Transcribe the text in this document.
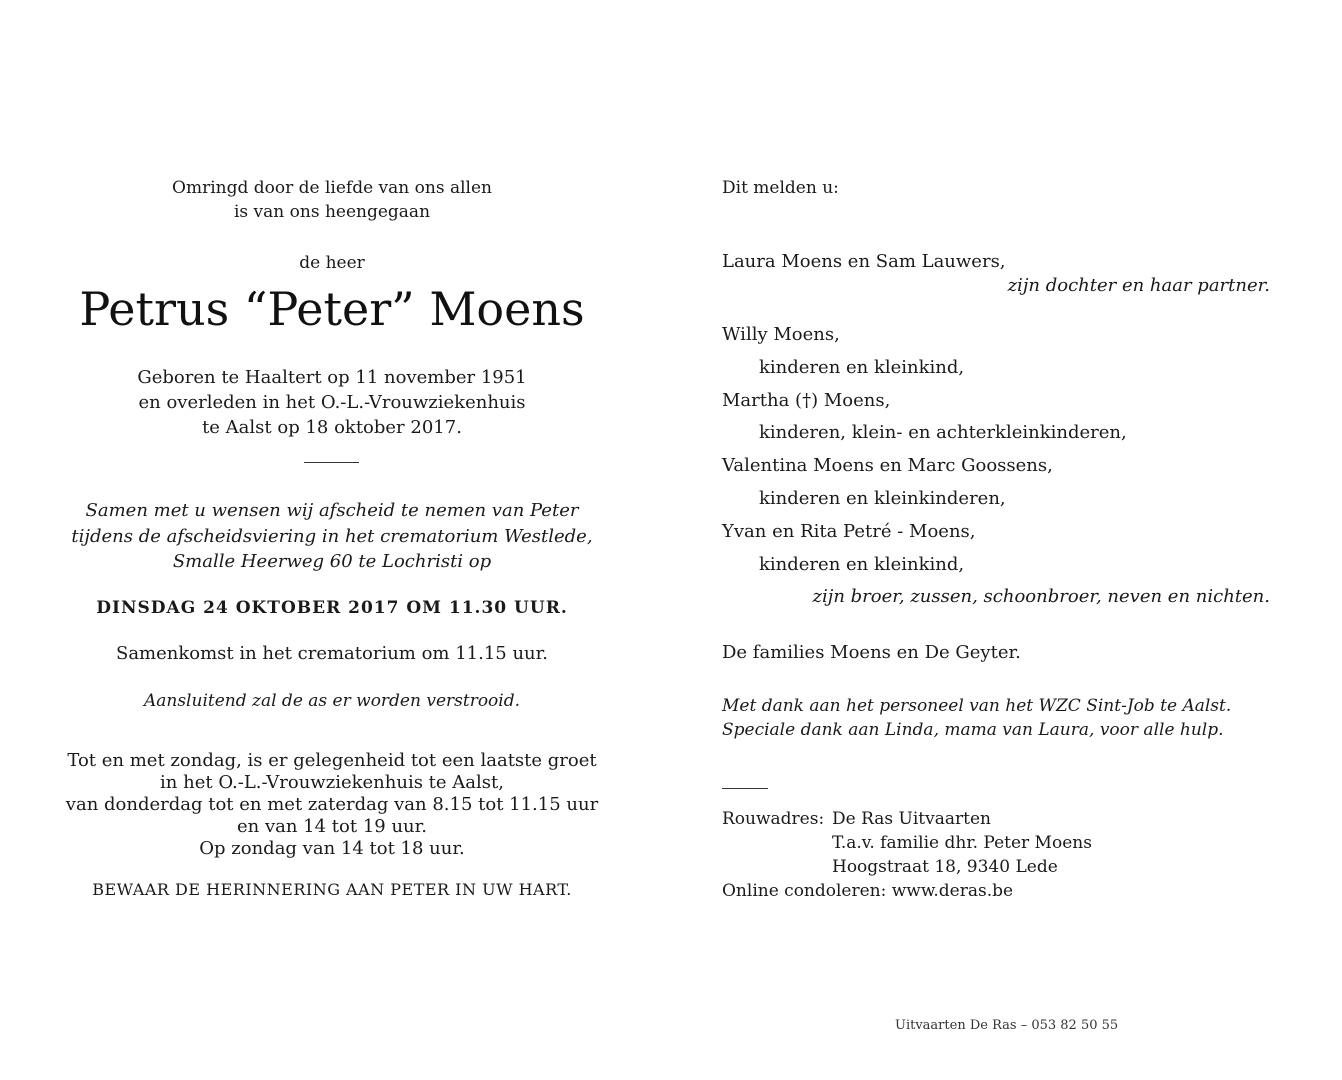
Omringd door de liefde van ons allen
is van ons heengegaan
de heer
Petrus “Peter” Moens
Geboren te Haaltert op 11 november 1951
en overleden in het O.-L.-Vrouwziekenhuis
te Aalst op 18 oktober 2017.
Samen met u wensen wij afscheid te nemen van Peter
tijdens de afscheidsviering in het crematorium Westlede,
Smalle Heerweg 60 te Lochristi op
DINSDAG 24 OKTOBER 2017 OM 11.30 UUR.
Samenkomst in het crematorium om 11.15 uur.
Aansluitend zal de as er worden verstrooid.
Tot en met zondag, is er gelegenheid tot een laatste groet
in het O.-L.-Vrouwziekenhuis te Aalst,
van donderdag tot en met zaterdag van 8.15 tot 11.15 uur
en van 14 tot 19 uur.
Op zondag van 14 tot 18 uur.
BEWAAR DE HERINNERING AAN PETER IN UW HART.
Dit melden u:
Laura Moens en Sam Lauwers,
zijn dochter en haar partner.
Willy Moens,
kinderen en kleinkind,
Martha (†) Moens,
kinderen, klein- en achterkleinkinderen,
Valentina Moens en Marc Goossens,
kinderen en kleinkinderen,
Yvan en Rita Petré - Moens,
kinderen en kleinkind,
zijn broer, zussen, schoonbroer, neven en nichten.
De families Moens en De Geyter.
Met dank aan het personeel van het WZC Sint-Job te Aalst.
Speciale dank aan Linda, mama van Laura, voor alle hulp.
Rouwadres: De Ras Uitvaarten
T.a.v. familie dhr. Peter Moens
Hoogstraat 18, 9340 Lede
Online condoleren: www.deras.be
Uitvaarten De Ras – 053 82 50 55
